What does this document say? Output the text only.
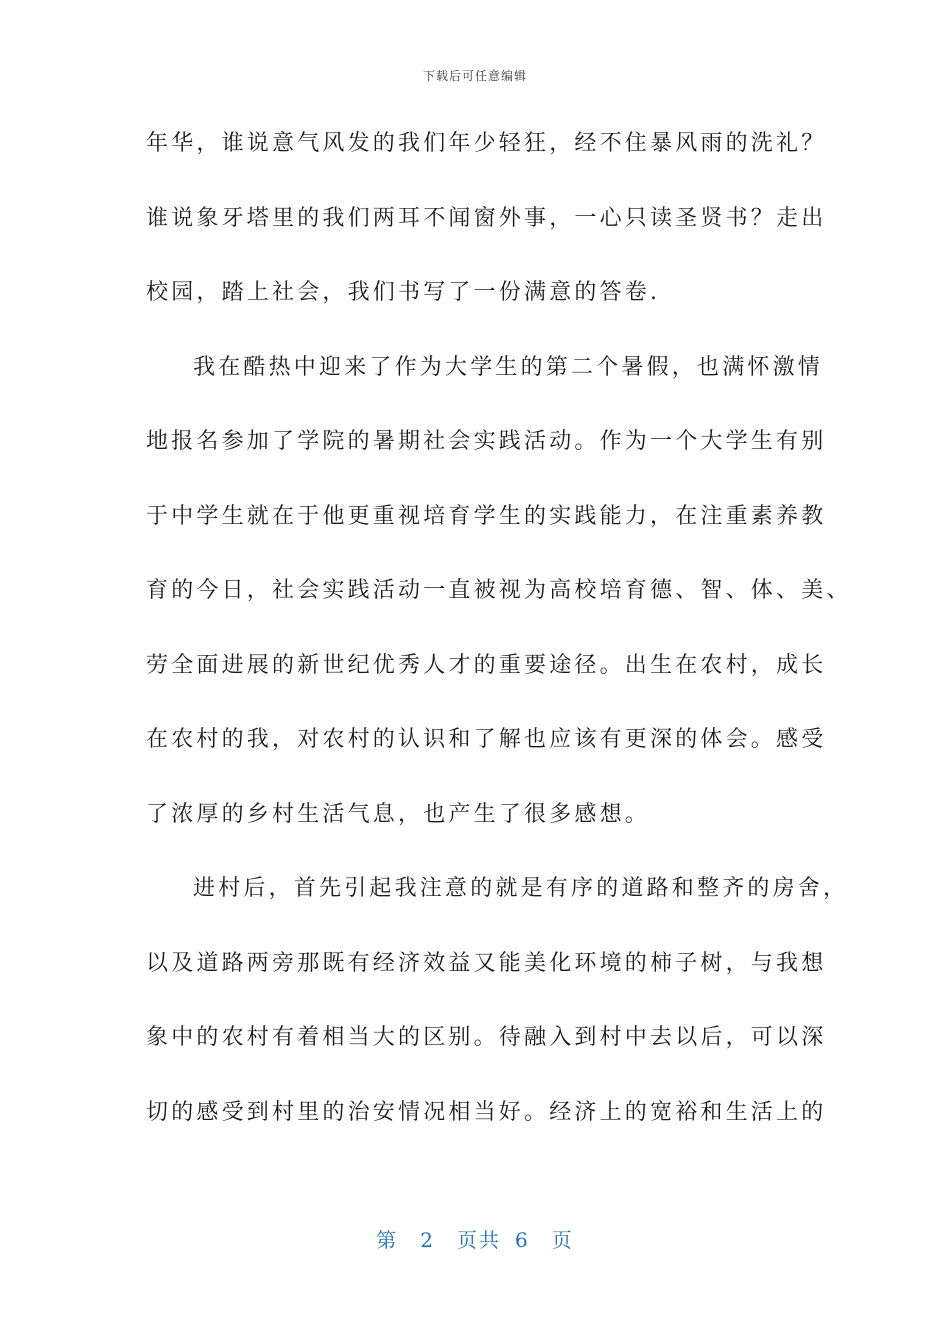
下载后可任意编辑
年华，谁说意气风发的我们年少轻狂，经不住暴风雨的洗礼？
谁说象牙塔里的我们两耳不闻窗外事，一心只读圣贤书？走出
校园，踏上社会，我们书写了一份满意的答卷.
我在酷热中迎来了作为大学生的第二个暑假，也满怀激情
地报名参加了学院的暑期社会实践活动。作为一个大学生有别
于中学生就在于他更重视培育学生的实践能力，在注重素养教
育的今日，社会实践活动一直被视为高校培育德、智、体、美、
劳全面进展的新世纪优秀人才的重要途径。出生在农村，成长
在农村的我，对农村的认识和了解也应该有更深的体会。感受
了浓厚的乡村生活气息，也产生了很多感想。
进村后，首先引起我注意的就是有序的道路和整齐的房舍，
以及道路两旁那既有经济效益又能美化环境的柿子树，与我想
象中的农村有着相当大的区别。待融入到村中去以后，可以深
切的感受到村里的治安情况相当好。经济上的宽裕和生活上的
第 2 页共 6 页
